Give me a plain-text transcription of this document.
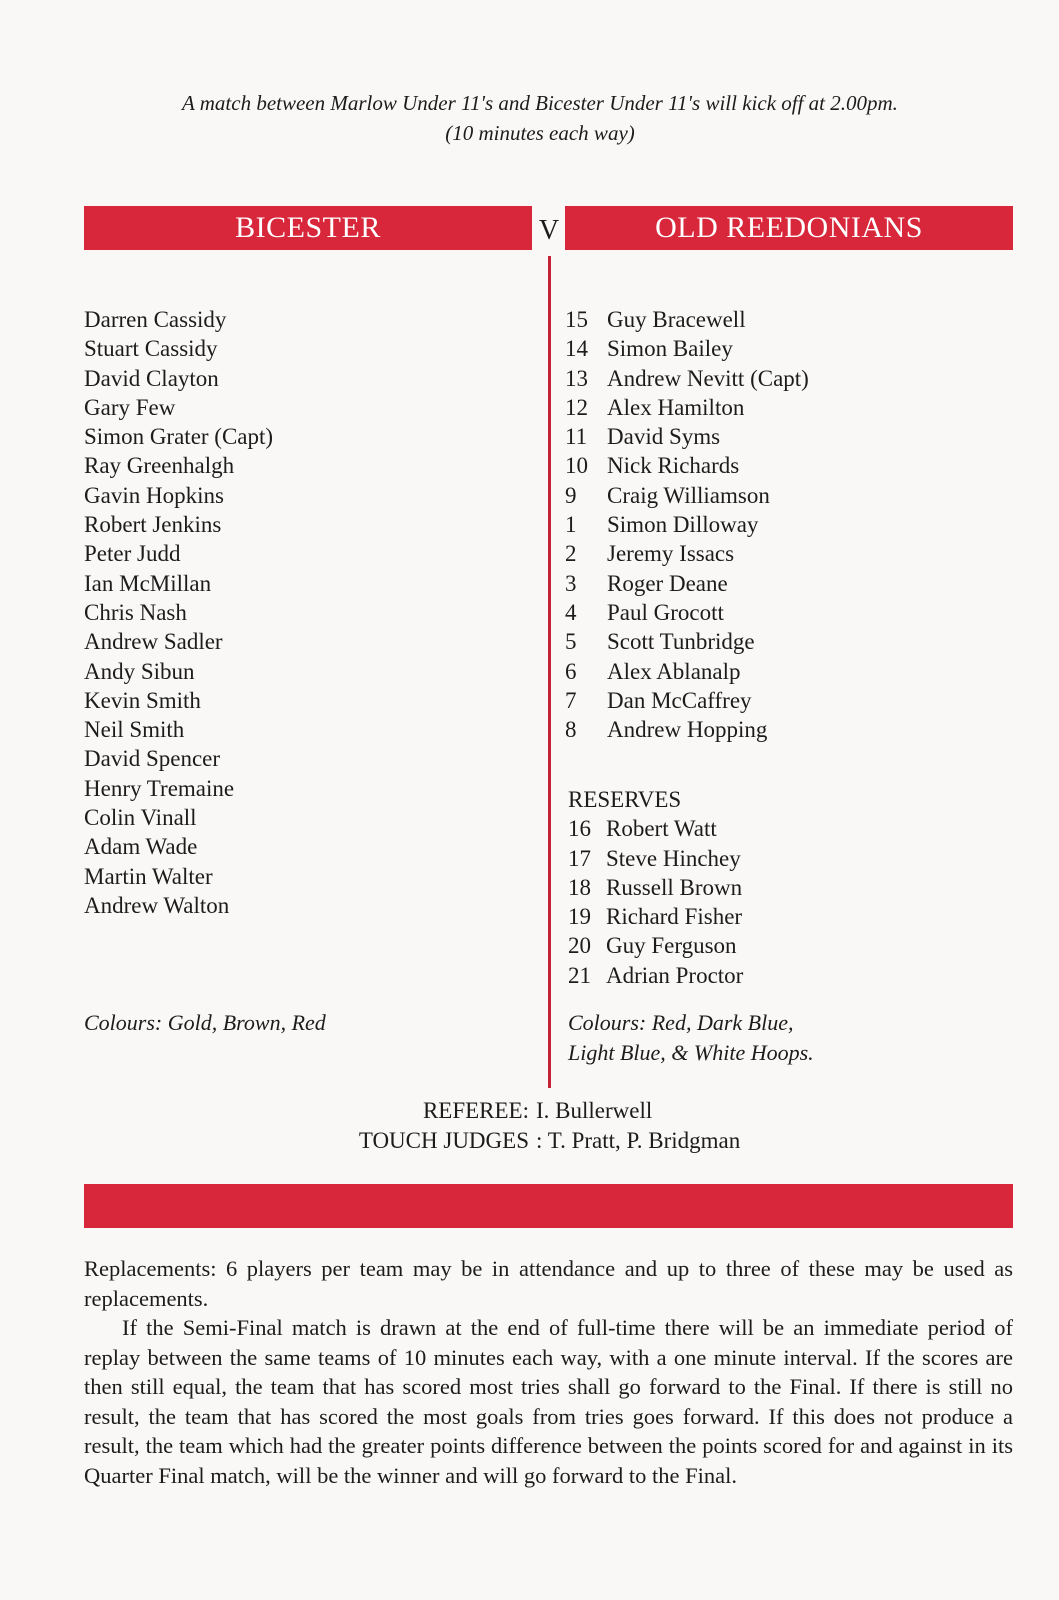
A match between Marlow Under 11's and Bicester Under 11's will kick off at 2.00pm.
(10 minutes each way)
BICESTER	V	OLD REEDONIANS
Darren Cassidy
Stuart Cassidy
David Clayton
Gary Few
Simon Grater (Capt)
Ray Greenhalgh
Gavin Hopkins
Robert Jenkins
Peter Judd
Ian McMillan
Chris Nash
Andrew Sadler
Andy Sibun
Kevin Smith
Neil Smith
David Spencer
Henry Tremaine
Colin Vinall
Adam Wade
Martin Walter
Andrew Walton
15 Guy Bracewell
14 Simon Bailey
13 Andrew Nevitt (Capt)
12 Alex Hamilton
11 David Syms
10 Nick Richards
9	Craig Williamson
1	Simon Dilloway
2	Jeremy Issacs
3	Roger Deane
4	Paul Grocott
5	Scott Tunbridge
6	Alex Ablanalp
7	Dan McCaffrey
8	Andrew Hopping
RESERVES
16 Robert Watt
17 Steve Hinchey
18 Russell Brown
19 Richard Fisher
20 Guy Ferguson
21 Adrian Proctor
Colours: Gold, Brown, Red	Colours: Red, Dark Blue,
Light Blue, & White Hoops.
REFEREE: I. Bullerwell
TOUCH JUDGES : T. Pratt, P. Bridgman

Replacements: 6 players per team may be in attendance and up to three of these may be used as replacements.

If the Semi-Final match is drawn at the end of full-time there will be an immediate period of replay between the same teams of 10 minutes each way, with a one minute interval. If the scores are then still equal, the team that has scored most tries shall go forward to the Final. If there is still no result, the team that has scored the most goals from tries goes forward. If this does not produce a result, the team which had the greater points difference between the points scored for and against in its Quarter Final match, will be the winner and will go forward to the Final.
